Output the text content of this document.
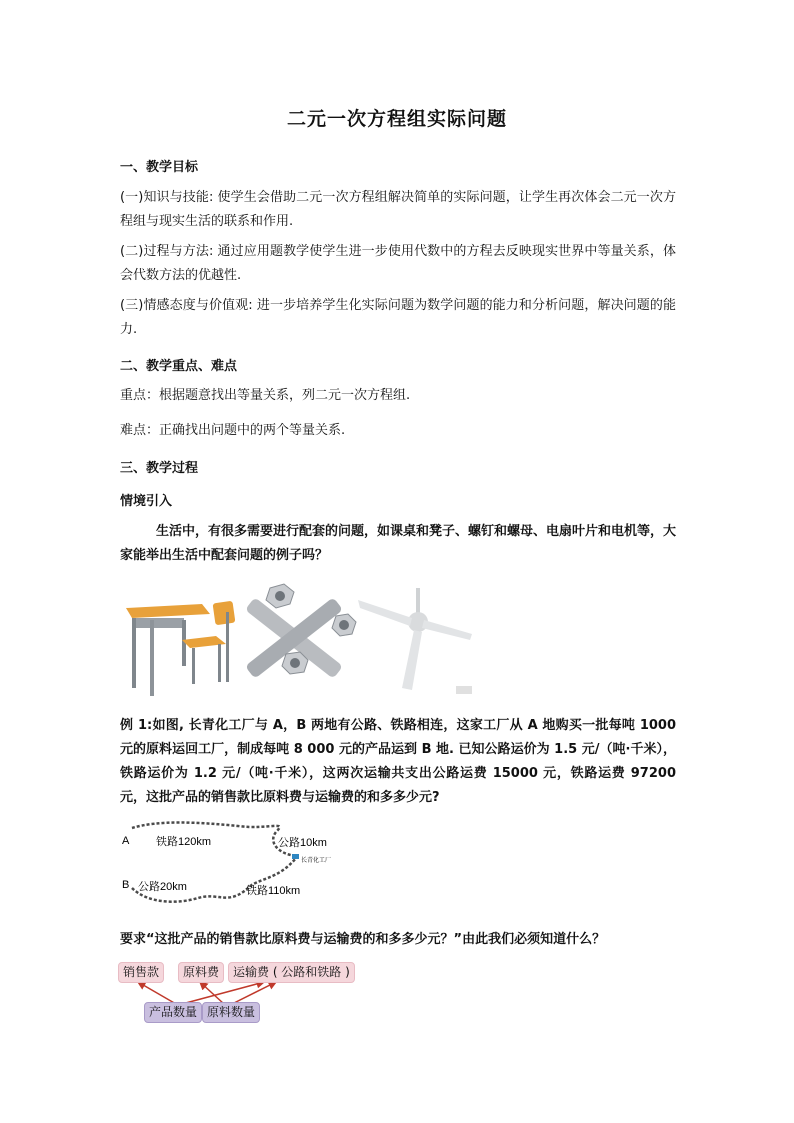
二元一次方程组实际问题
一、教学目标
(一)知识与技能: 使学生会借助二元一次方程组解决简单的实际问题，让学生再次体会二元一次方程组与现实生活的联系和作用.
(二)过程与方法: 通过应用题教学使学生进一步使用代数中的方程去反映现实世界中等量关系，体会代数方法的优越性.
(三)情感态度与价值观: 进一步培养学生化实际问题为数学问题的能力和分析问题，解决问题的能力.
二、教学重点、难点
重点：根据题意找出等量关系，列二元一次方程组.
难点：正确找出问题中的两个等量关系.
三、教学过程
情境引入
生活中，有很多需要进行配套的问题，如课桌和凳子、螺钉和螺母、电扇叶片和电机等，大家能举出生活中配套问题的例子吗？
例 1:如图, 长青化工厂与 A，B 两地有公路、铁路相连，这家工厂从 A 地购买一批每吨 1000 元的原料运回工厂，制成每吨 8 000 元的产品运到 B 地. 已知公路运价为 1.5 元/（吨·千米），铁路运价为 1.2 元/（吨·千米），这两次运输共支出公路运费 15000 元，铁路运费 97200 元，这批产品的销售款比原料费与运输费的和多多少元?
A
B
铁路120km	公路10km
长青化工厂
公路20km	铁路110km
要求“这批产品的销售款比原料费与运输费的和多多少元？”由此我们必须知道什么？
销售款	原料费	运输费 ( 公路和铁路 )
产品数量 原料数量
